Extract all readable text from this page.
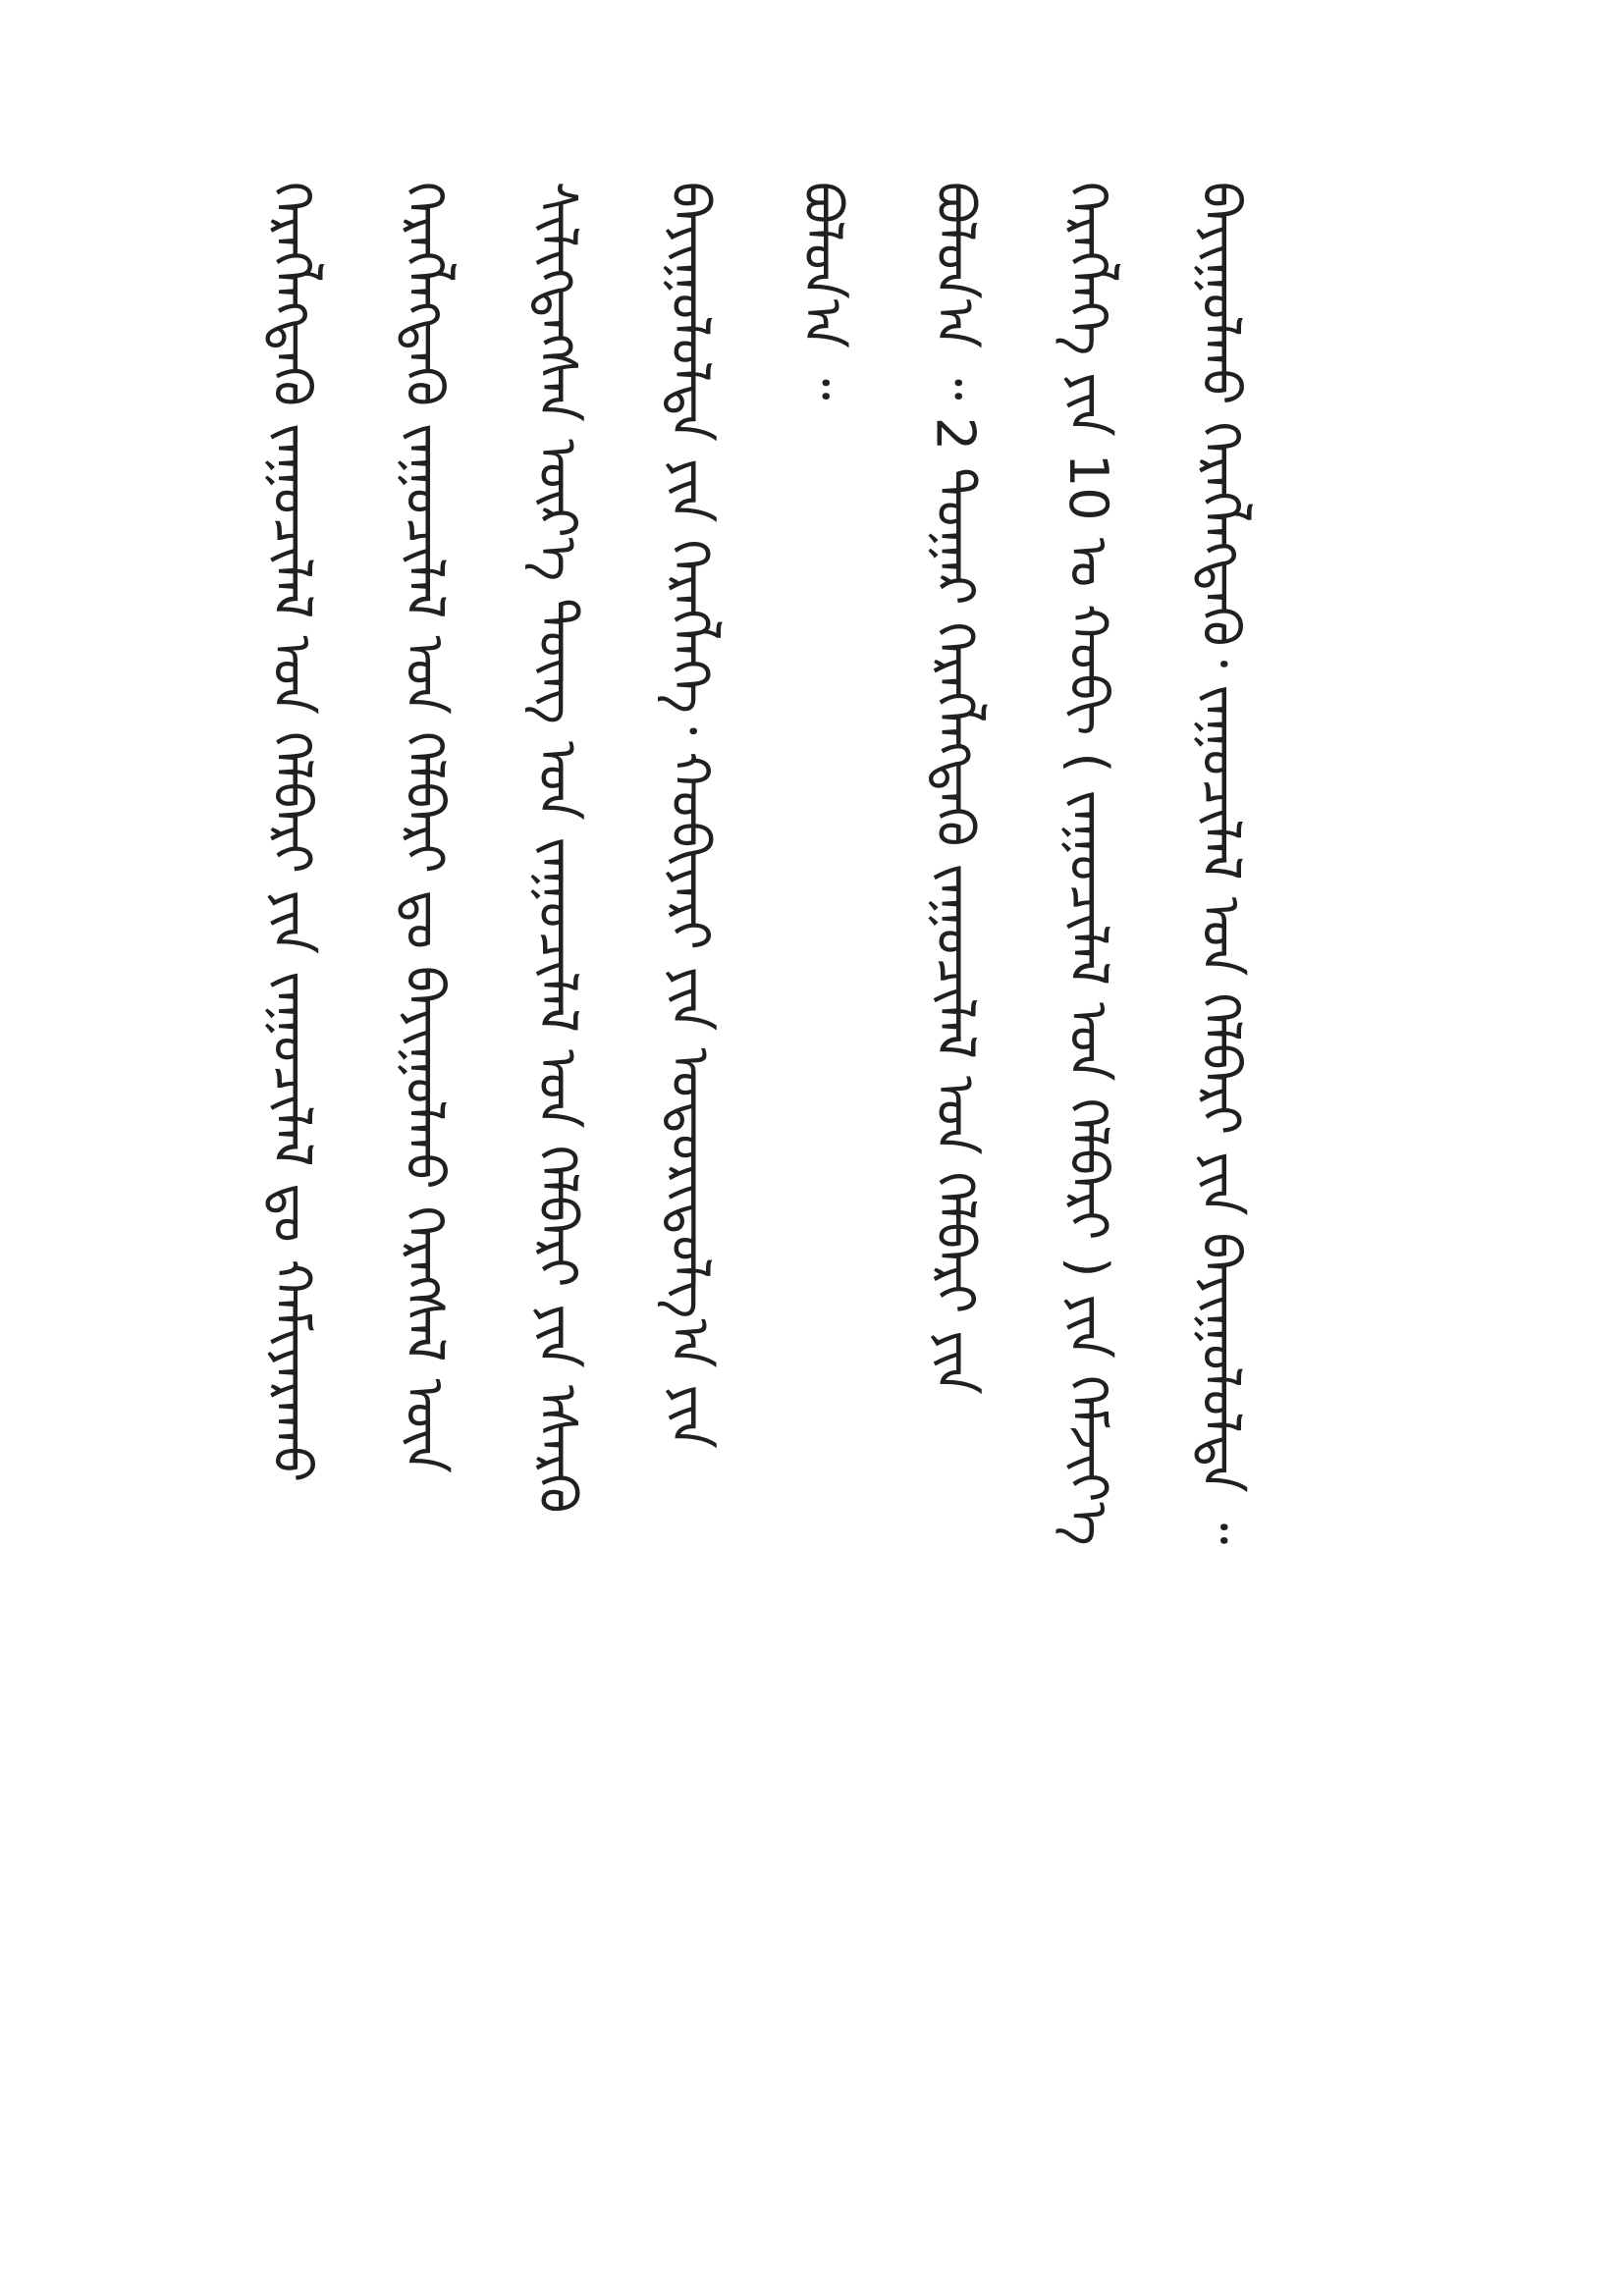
ᠬᠡᠷᠡᠭᠯᠡᠭᠳᠡᠬᠦ ᠵᠠᠭᠤᠴᠢᠯᠠᠯ ᠤᠨ ᠬᠡᠯᠪᠡᠷᠢ ᠶᠢᠨ ᠵᠠᠭᠤᠴᠢᠯᠠᠯ ᠳᠤ ᠬᠠᠮᠢᠶᠠᠷᠠᠬᠤ ᠬᠡᠷᠡᠭᠯᠡᠭᠳᠡᠬᠦ ᠵᠠᠭᠤᠴᠢᠯᠠᠯ ᠤᠨ ᠬᠡᠯᠪᠡᠷᠢ ᠳᠤ ᠪᠠᠶᠢᠭᠤᠯᠬᠤ ᠬᠡᠷᠡᠭᠰᠡᠯ ᠦᠨ ᠰᠢᠯᠢᠭᠳᠡᠭᠰᠡᠨ ᠦᠷ᠎ᠡ ᠳᠦᠩ ᠤᠨ ᠵᠠᠭᠤᠴᠢᠯᠠᠯ ᠤᠨ ᠬᠡᠯᠪᠡᠷᠢ ᠶᠢᠨ ᠡᠰᠡᠷᠭᠦ ᠪᠠᠶᠢᠭᠤᠯᠤᠯᠲᠠ ᠶᠢᠨ ᠬᠡᠷᠡᠭᠯᠡᠭᠡ᠂ ᠬᠤᠪᠢᠶᠠᠷᠢ ᠶᠢᠨ ᠤᠳᠤᠷᠢᠳᠤᠯᠭ᠎ᠠ ᠶᠢᠨ ᠪᠤᠯᠤᠨ᠎ᠠ ᠃ ᠪᠤᠯᠤᠨ᠎ᠠ ᠃ 2 ᠳᠤᠭᠠᠷ ᠬᠡᠷᠡᠭᠯᠡᠭᠳᠡᠬᠦ ᠵᠠᠭᠤᠴᠢᠯᠠᠯ ᠤᠨ ᠬᠡᠯᠪᠡᠷᠢ ᠶᠢᠨ ᠬᠡᠷᠡᠭᠯᠡᠭᠡ ᠶᠢᠨ 10 ᠤ ᠬᠤᠪᠢ ( ᠵᠠᠭᠤᠴᠢᠯᠠᠯ ᠤᠨ ᠬᠡᠯᠪᠡᠷᠢ ) ᠶᠢᠨ ᠬᠡᠮᠵᠢᠶ᠎ᠡ ᠪᠠᠶᠢᠭᠤᠯᠬᠤ ᠬᠡᠷᠡᠭᠯᠡᠭᠳᠡᠬᠦ᠂ ᠵᠠᠭᠤᠴᠢᠯᠠᠯ ᠤᠨ ᠬᠡᠯᠪᠡᠷᠢ ᠶᠢᠨ ᠪᠠᠶᠢᠭᠤᠯᠤᠯᠲᠠ ᠃
